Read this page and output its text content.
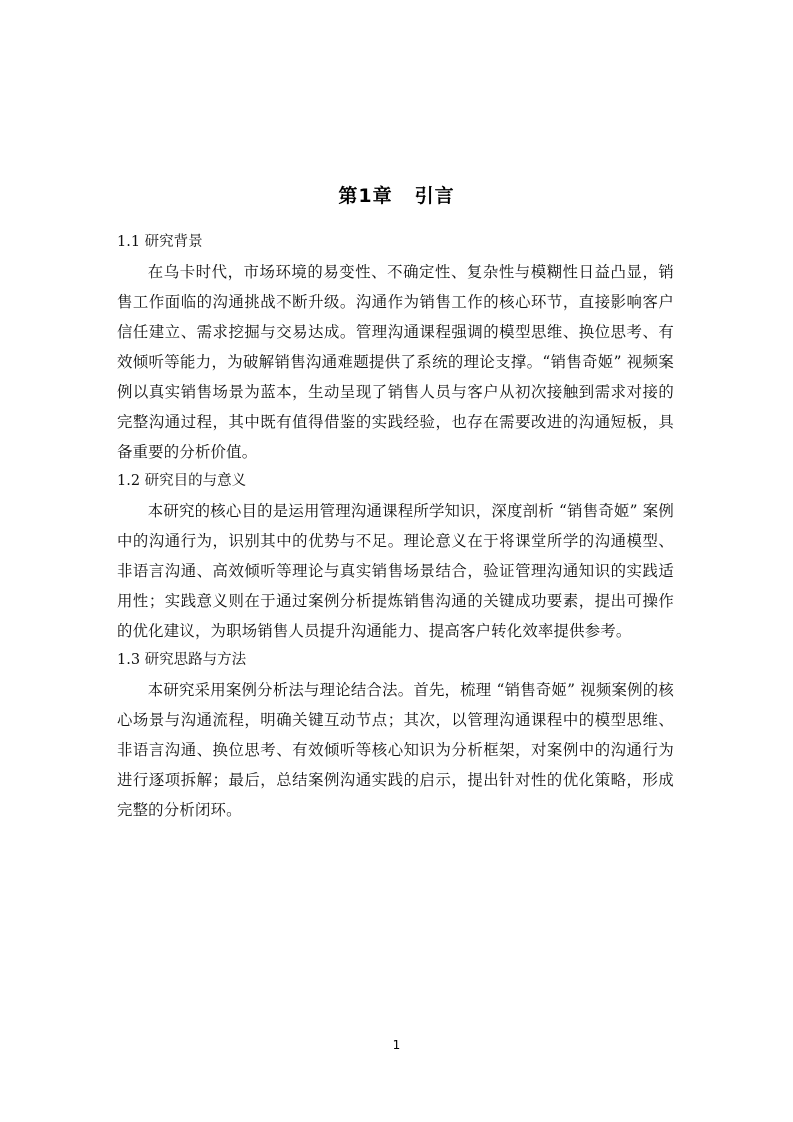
第1章 引言
1.1 研究背景

在乌卡时代，市场环境的易变性、不确定性、复杂性与模糊性日益凸显，销售工作面临的沟通挑战不断升级。沟通作为销售工作的核心环节，直接影响客户信任建立、需求挖掘与交易达成。管理沟通课程强调的模型思维、换位思考、有效倾听等能力，为破解销售沟通难题提供了系统的理论支撑。“销售奇姬” 视频案例以真实销售场景为蓝本，生动呈现了销售人员与客户从初次接触到需求对接的完整沟通过程，其中既有值得借鉴的实践经验，也存在需要改进的沟通短板，具备重要的分析价值。

1.2 研究目的与意义

本研究的核心目的是运用管理沟通课程所学知识，深度剖析 “销售奇姬” 案例中的沟通行为，识别其中的优势与不足。理论意义在于将课堂所学的沟通模型、非语言沟通、高效倾听等理论与真实销售场景结合，验证管理沟通知识的实践适用性；实践意义则在于通过案例分析提炼销售沟通的关键成功要素，提出可操作的优化建议，为职场销售人员提升沟通能力、提高客户转化效率提供参考。

1.3 研究思路与方法

本研究采用案例分析法与理论结合法。首先，梳理 “销售奇姬” 视频案例的核心场景与沟通流程，明确关键互动节点；其次，以管理沟通课程中的模型思维、非语言沟通、换位思考、有效倾听等核心知识为分析框架，对案例中的沟通行为进行逐项拆解；最后，总结案例沟通实践的启示，提出针对性的优化策略，形成完整的分析闭环。

1
